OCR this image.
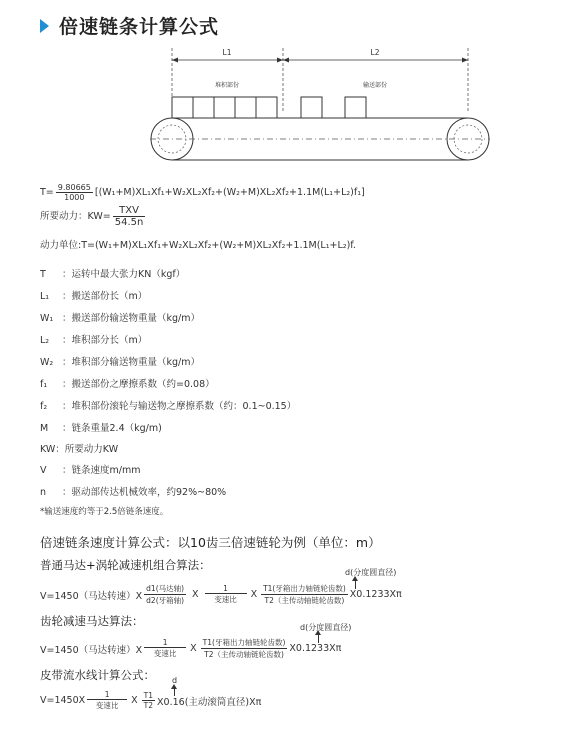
倍速链条计算公式
L1	L2
堆积部份	输送部份
$T= \frac{9.80665}{1000} [(W_1+M)XL_1Xf_1+W_2XL_2Xf_2+(W_2+M)XL_2Xf_2+1.1M(L_1+L_2)f_1]$
所要动力：$KW= \frac{\text{TXV}}{54.5n}$
动力单位:T=(W₁+M)XL₁Xf₁+W₂XL₂Xf₂+(W₂+M)XL₂Xf₂+1.1M(L₁+L₂)f.
T ：运转中最大张力KN（kgf）
L₁ ：搬送部份长（m）
W₁ ：搬送部份输送物重量（kg/m）
L₂ ：堆积部分长（m）
W₂ ：堆积部分输送物重量（kg/m）
f₁ ：搬送部份之摩擦系数（约=0.08）
f₂ ：堆积部份滚轮与输送物之摩擦系数（约：0.1~0.15）
M ：链条重量2.4（kg/m)
KW：所要动力KW
V ：链条速度m/mm
n ：驱动部传达机械效率，约92%~80%
*输送速度约等于2.5倍链条速度。
倍速链条速度计算公式：以10齿三倍速链轮为例（单位：m）
普通马达+涡轮减速机组合算法：
d(分度圆直径)
V=1450（马达转速）$X \frac{\text{d1(马达轴)}}{\text{d2(牙箱轴)}}$ X $\frac{1}{\text{变速比}}$ X $\frac{\text{T1(牙箱出力轴链轮齿数)}}{\text{T2（主传动轴链轮齿数)}} X0.1233X\pi$
齿轮减速马达算法：	d(分度圆直径)
V=1450（马达转速）$X \frac{1}{\text{变速比}}$ X $\frac{\text{T1(牙箱出力轴链轮齿数)}}{\text{T2（主传动轴链轮齿数)}} X0.1233X\pi$
皮带流水线计算公式： d
$V=1450X \frac{1}{\text{变速比}}$ X $\frac{T1}{T2} X0.16$(主动滚筒直径)Xπ
